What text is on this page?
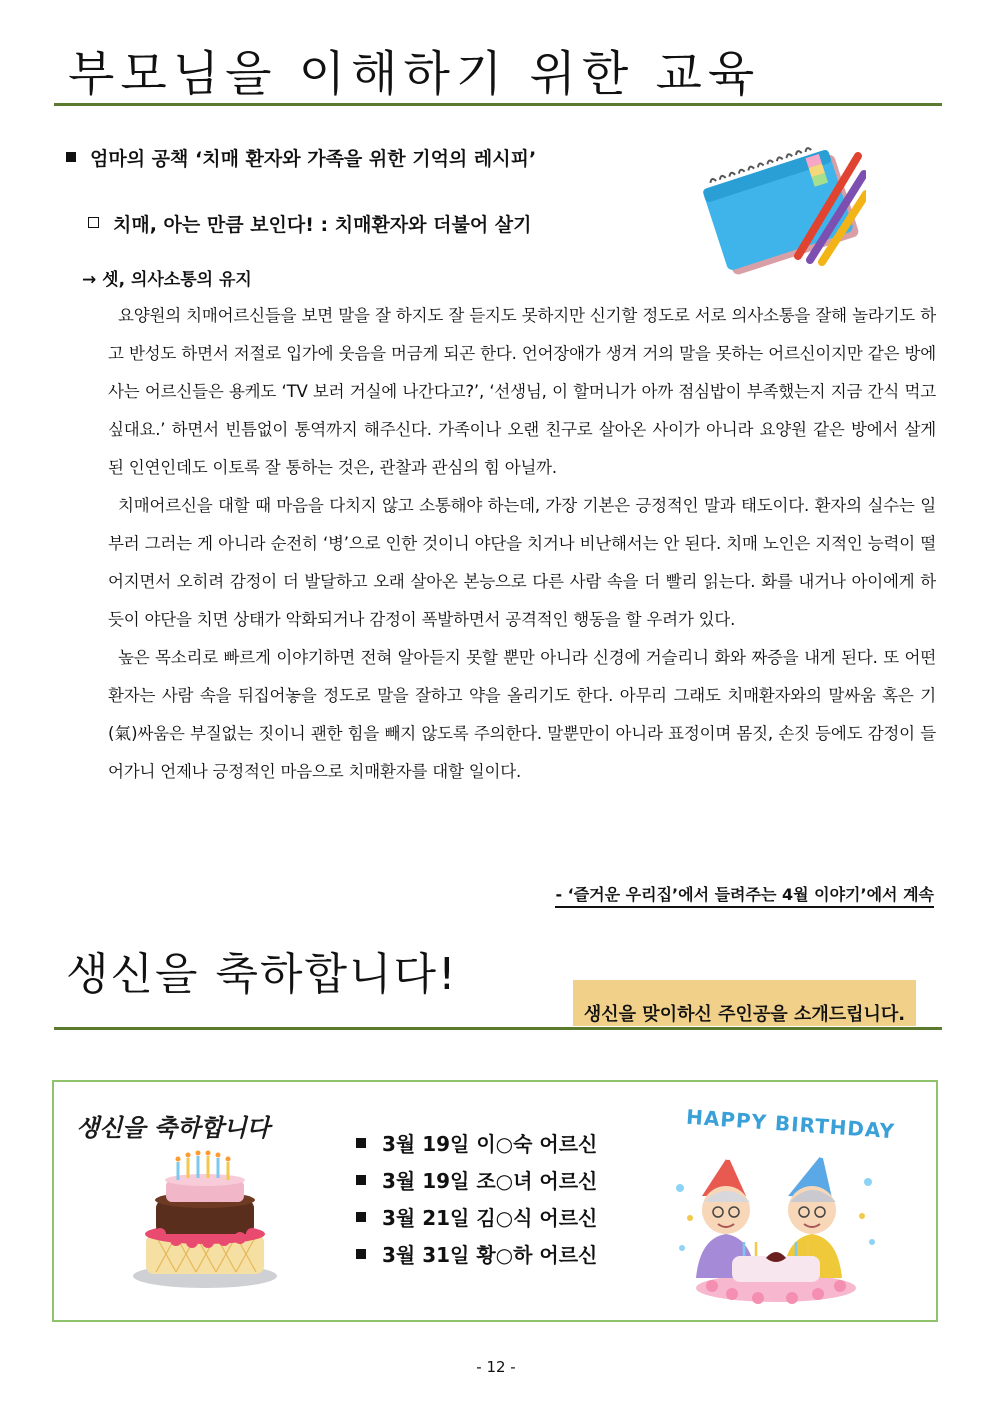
부모님을 이해하기 위한 교육
엄마의 공책 ‘치매 환자와 가족을 위한 기억의 레시피’
치매, 아는 만큼 보인다! : 치매환자와 더불어 살기
→ 셋, 의사소통의 유지

요양원의 치매어르신들을 보면 말을 잘 하지도 잘 듣지도 못하지만 신기할 정도로 서로 의사소통을 잘해 놀라기도 하고 반성도 하면서 저절로 입가에 웃음을 머금게 되곤 한다. 언어장애가 생겨 거의 말을 못하는 어르신이지만 같은 방에 사는 어르신들은 용케도 ‘TV 보러 거실에 나간다고?’, ‘선생님, 이 할머니가 아까 점심밥이 부족했는지 지금 간식 먹고 싶대요.’ 하면서 빈틈없이 통역까지 해주신다. 가족이나 오랜 친구로 살아온 사이가 아니라 요양원 같은 방에서 살게 된 인연인데도 이토록 잘 통하는 것은, 관찰과 관심의 힘 아닐까.

치매어르신을 대할 때 마음을 다치지 않고 소통해야 하는데, 가장 기본은 긍정적인 말과 태도이다. 환자의 실수는 일부러 그러는 게 아니라 순전히 ‘병’으로 인한 것이니 야단을 치거나 비난해서는 안 된다. 치매 노인은 지적인 능력이 떨어지면서 오히려 감정이 더 발달하고 오래 살아온 본능으로 다른 사람 속을 더 빨리 읽는다. 화를 내거나 아이에게 하듯이 야단을 치면 상태가 악화되거나 감정이 폭발하면서 공격적인 행동을 할 우려가 있다.

높은 목소리로 빠르게 이야기하면 전혀 알아듣지 못할 뿐만 아니라 신경에 거슬리니 화와 짜증을 내게 된다. 또 어떤 환자는 사람 속을 뒤집어놓을 정도로 말을 잘하고 약을 올리기도 한다. 아무리 그래도 치매환자와의 말싸움 혹은 기(氣)싸움은 부질없는 짓이니 괜한 힘을 빼지 않도록 주의한다. 말뿐만이 아니라 표정이며 몸짓, 손짓 등에도 감정이 들어가니 언제나 긍정적인 마음으로 치매환자를 대할 일이다.

- ‘즐거운 우리집’에서 들려주는 4월 이야기’에서 계속
생신을 축하합니다!
생신을 맞이하신 주인공을 소개드립니다.
생신을 축하합니다
3월 19일 이○숙 어르신
3월 19일 조○녀 어르신
3월 21일 김○식 어르신
3월 31일 황○하 어르신
HAPPY BIRTHDAY
- 12 -
